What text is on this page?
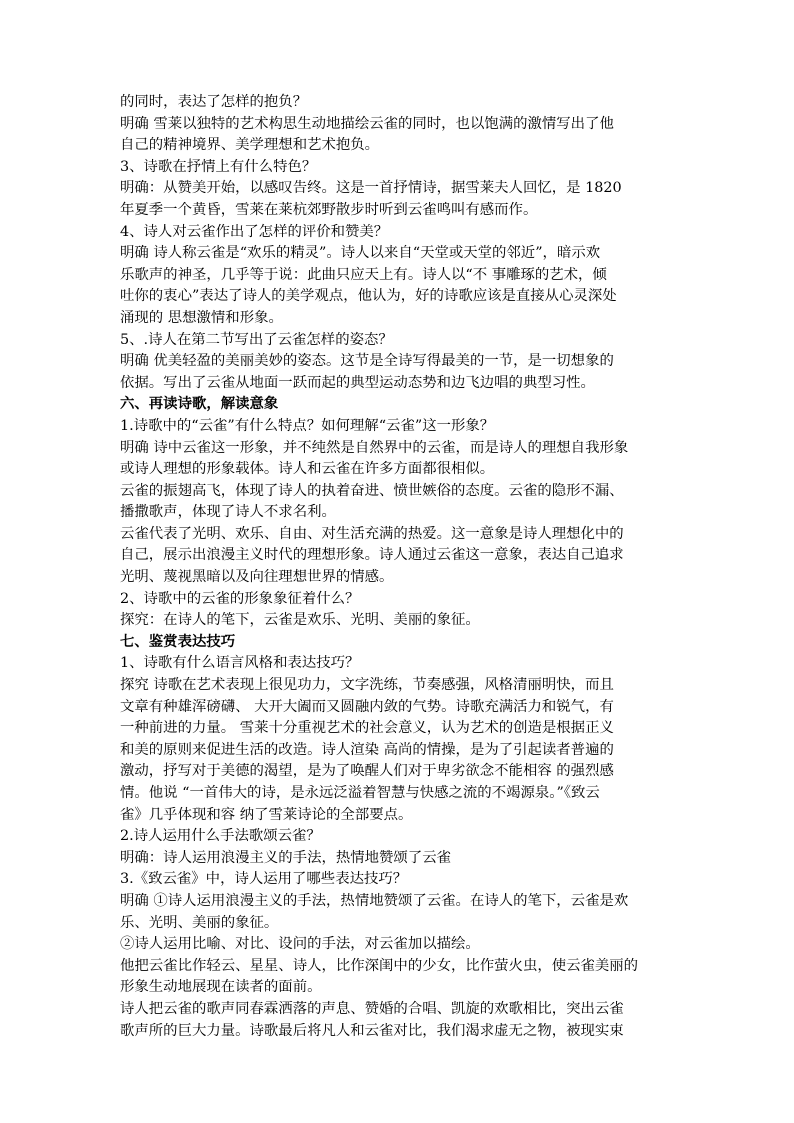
的同时，表达了怎样的抱负？
明确 雪莱以独特的艺术构思生动地描绘云雀的同时，也以饱满的激情写出了他
自己的精神境界、美学理想和艺术抱负。
3、诗歌在抒情上有什么特色？
明确：从赞美开始，以感叹告终。这是一首抒情诗，据雪莱夫人回忆，是 1820
年夏季一个黄昏，雪莱在莱杭郊野散步时听到云雀鸣叫有感而作。
4、诗人对云雀作出了怎样的评价和赞美？
明确 诗人称云雀是“欢乐的精灵”。诗人以来自“天堂或天堂的邻近”，暗示欢
乐歌声的神圣，几乎等于说：此曲只应天上有。诗人以“不 事雕琢的艺术，倾
吐你的衷心”表达了诗人的美学观点，他认为，好的诗歌应该是直接从心灵深处
涌现的 思想激情和形象。
5、.诗人在第二节写出了云雀怎样的姿态？
明确 优美轻盈的美丽美妙的姿态。这节是全诗写得最美的一节，是一切想象的
依据。写出了云雀从地面一跃而起的典型运动态势和边飞边唱的典型习性。
六、再读诗歌，解读意象
1.诗歌中的“云雀”有什么特点？如何理解“云雀”这一形象？
明确 诗中云雀这一形象，并不纯然是自然界中的云雀，而是诗人的理想自我形象
或诗人理想的形象载体。诗人和云雀在许多方面都很相似。
云雀的振翅高飞，体现了诗人的执着奋进、愤世嫉俗的态度。云雀的隐形不漏、
播撒歌声，体现了诗人不求名利。
云雀代表了光明、欢乐、自由、对生活充满的热爱。这一意象是诗人理想化中的
自己，展示出浪漫主义时代的理想形象。诗人通过云雀这一意象，表达自己追求
光明、蔑视黑暗以及向往理想世界的情感。
2、诗歌中的云雀的形象象征着什么？
探究：在诗人的笔下，云雀是欢乐、光明、美丽的象征。
七、鉴赏表达技巧
1、诗歌有什么语言风格和表达技巧？
探究 诗歌在艺术表现上很见功力，文字洗练，节奏感强，风格清丽明快，而且
文章有种雄浑磅礴、 大开大阖而又圆融内敛的气势。诗歌充满活力和锐气，有
一种前进的力量。 雪莱十分重视艺术的社会意义，认为艺术的创造是根据正义
和美的原则来促进生活的改造。诗人渲染 高尚的情操，是为了引起读者普遍的
激动，抒写对于美德的渴望，是为了唤醒人们对于卑劣欲念不能相容 的强烈感
情。他说 “一首伟大的诗，是永远泛溢着智慧与快感之流的不竭源泉。”《致云
雀》几乎体现和容 纳了雪莱诗论的全部要点。
2.诗人运用什么手法歌颂云雀？
明确：诗人运用浪漫主义的手法，热情地赞颂了云雀
3.《致云雀》中，诗人运用了哪些表达技巧？
明确 ①诗人运用浪漫主义的手法，热情地赞颂了云雀。在诗人的笔下，云雀是欢
乐、光明、美丽的象征。
②诗人运用比喻、对比、设问的手法，对云雀加以描绘。
他把云雀比作轻云、星星、诗人，比作深闺中的少女，比作萤火虫，使云雀美丽的
形象生动地展现在读者的面前。
诗人把云雀的歌声同春霖洒落的声息、赞婚的合唱、凯旋的欢歌相比，突出云雀
歌声所的巨大力量。诗歌最后将凡人和云雀对比，我们渴求虚无之物，被现实束
